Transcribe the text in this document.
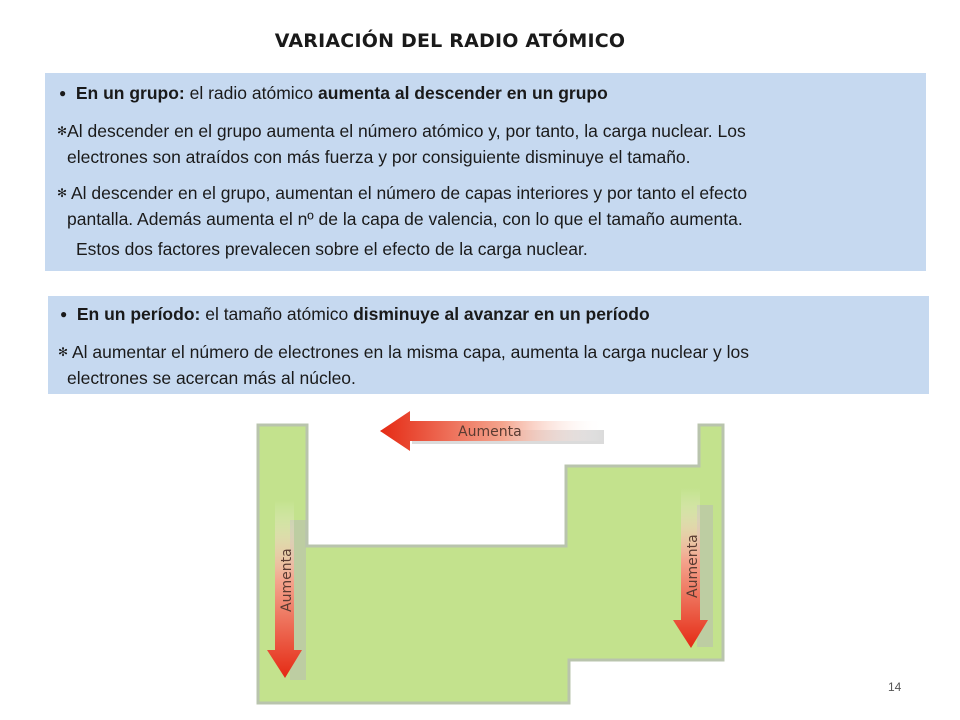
VARIACIÓN DEL RADIO ATÓMICO
● En un grupo: el radio atómico aumenta al descender en un grupo
✻Al descender en el grupo aumenta el número atómico y, por tanto, la carga nuclear. Los
electrones son atraídos con más fuerza y por consiguiente disminuye el tamaño.
✻ Al descender en el grupo, aumentan el número de capas interiores y por tanto el efecto
pantalla. Además aumenta el nº de la capa de valencia, con lo que el tamaño aumenta.
Estos dos factores prevalecen sobre el efecto de la carga nuclear.
● En un período: el tamaño atómico disminuye al avanzar en un período
✻ Al aumentar el número de electrones en la misma capa, aumenta la carga nuclear y los
electrones se acercan más al núcleo.
Aumenta
Aumenta	Aumenta
14
